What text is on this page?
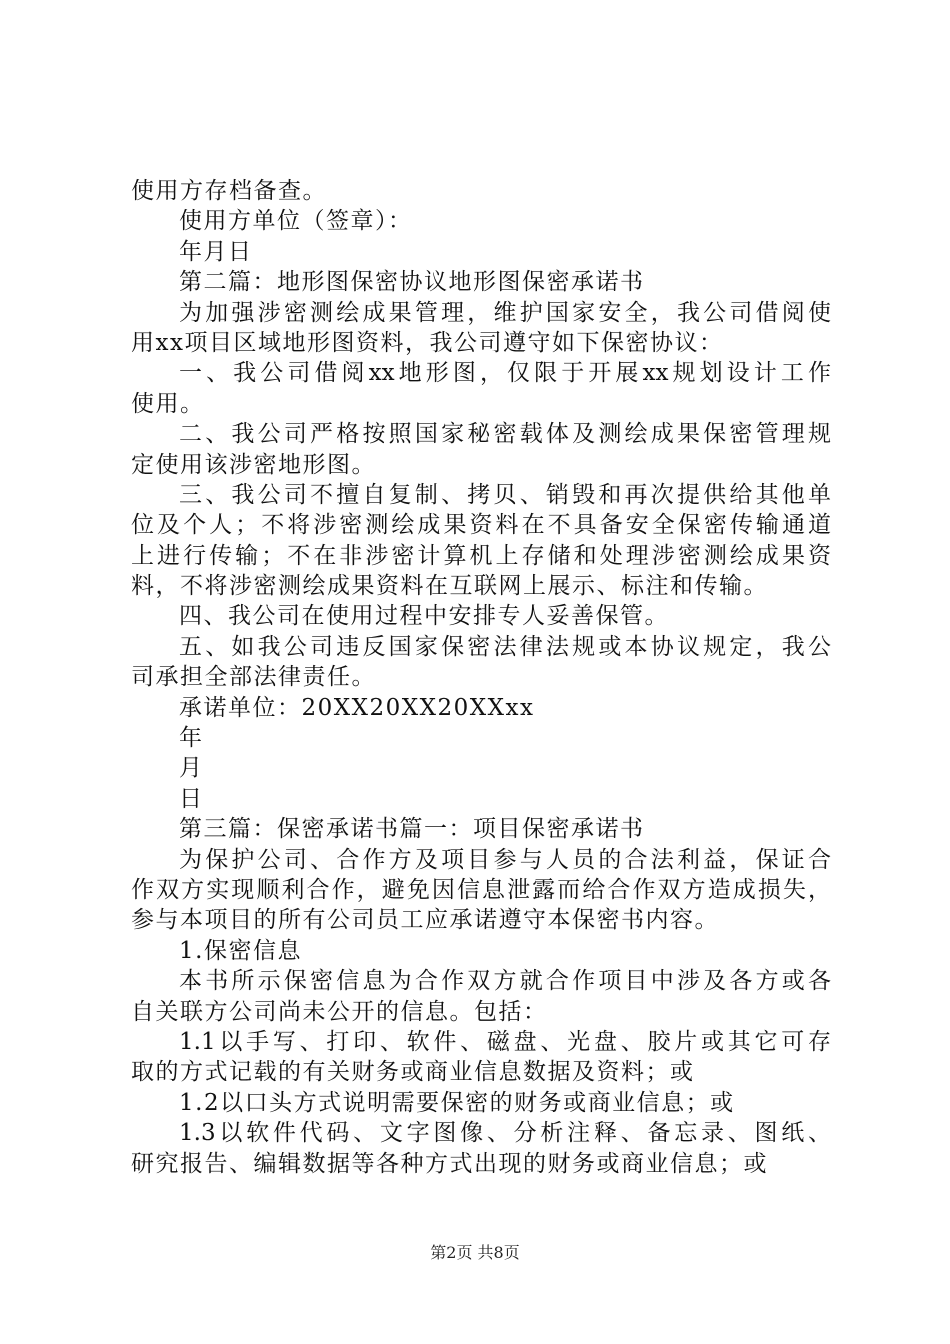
使用方存档备查。
使用方单位（签章）：
年月日
第二篇：地形图保密协议地形图保密承诺书
为加强涉密测绘成果管理，维护国家安全，我公司借阅使
用xx项目区域地形图资料，我公司遵守如下保密协议：
一、我公司借阅xx地形图，仅限于开展xx规划设计工作
使用。
二、我公司严格按照国家秘密载体及测绘成果保密管理规
定使用该涉密地形图。
三、我公司不擅自复制、拷贝、销毁和再次提供给其他单
位及个人；不将涉密测绘成果资料在不具备安全保密传输通道
上进行传输；不在非涉密计算机上存储和处理涉密测绘成果资
料，不将涉密测绘成果资料在互联网上展示、标注和传输。
四、我公司在使用过程中安排专人妥善保管。
五、如我公司违反国家保密法律法规或本协议规定，我公
司承担全部法律责任。
承诺单位：20XX20XX20XXxx
年
月
日
第三篇：保密承诺书篇一：项目保密承诺书
为保护公司、合作方及项目参与人员的合法利益，保证合
作双方实现顺利合作，避免因信息泄露而给合作双方造成损失，
参与本项目的所有公司员工应承诺遵守本保密书内容。
1.保密信息
本书所示保密信息为合作双方就合作项目中涉及各方或各
自关联方公司尚未公开的信息。包括：
1.1以手写、打印、软件、磁盘、光盘、胶片或其它可存
取的方式记载的有关财务或商业信息数据及资料；或
1.2以口头方式说明需要保密的财务或商业信息；或
1.3以软件代码、文字图像、分析注释、备忘录、图纸、
研究报告、编辑数据等各种方式出现的财务或商业信息；或
第2页 共8页
